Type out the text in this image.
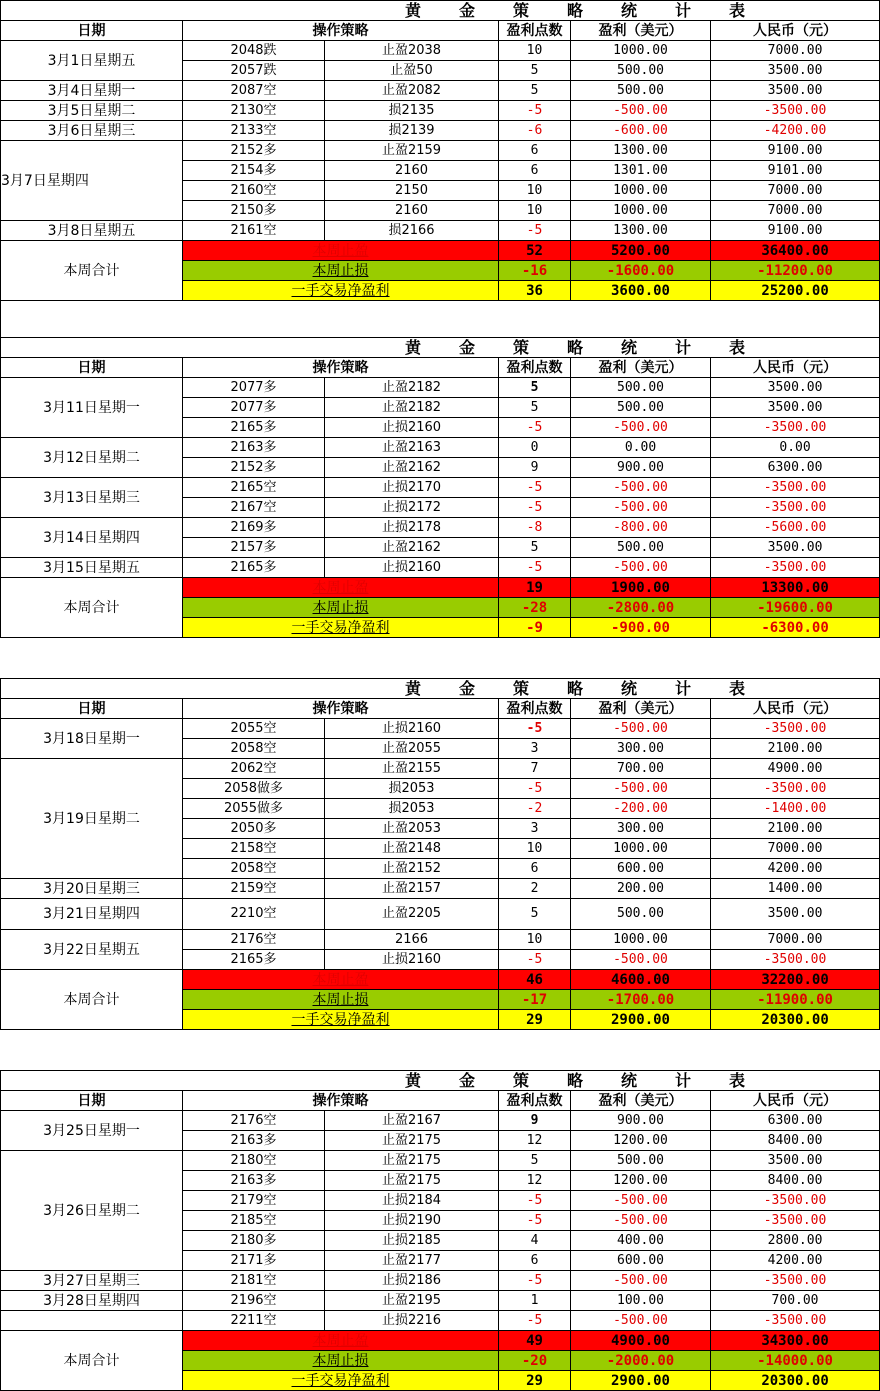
黄 金 策 略 统 计 表					
日期	操作策略		盈利点数	盈利（美元）	人民币（元）
3月1日星期五	2048跌	止盈2038	10	1000.00	7000.00
	2057跌	止盈50	5	500.00	3500.00
3月4日星期一	2087空	止盈2082	5	500.00	3500.00
3月5日星期二	2130空	损2135	-5	-500.00	-3500.00
3月6日星期三	2133空	损2139	-6	-600.00	-4200.00
3月7日星期四	2152多	止盈2159	6	1300.00	9100.00
	2154多	2160	6	1301.00	9101.00
	2160空	2150	10	1000.00	7000.00
	2150多	2160	10	1000.00	7000.00
3月8日星期五	2161空	损2166	-5	1300.00	9100.00
本周合计	本周止盈		52	5200.00	36400.00
	本周止损		-16	-1600.00	-11200.00
	一手交易净盈利		36	3600.00	25200.00
黄 金 策 略 统 计 表					
日期	操作策略		盈利点数	盈利（美元）	人民币（元）
3月11日星期一	2077多	止盈2182	5	500.00	3500.00
	2077多	止盈2182	5	500.00	3500.00
	2165多	止损2160	-5	-500.00	-3500.00
3月12日星期二	2163多	止盈2163	0	0.00	0.00
	2152多	止盈2162	9	900.00	6300.00
3月13日星期三	2165空	止损2170	-5	-500.00	-3500.00
	2167空	止损2172	-5	-500.00	-3500.00
3月14日星期四	2169多	止损2178	-8	-800.00	-5600.00
	2157多	止盈2162	5	500.00	3500.00
3月15日星期五	2165多	止损2160	-5	-500.00	-3500.00
本周合计	本周止盈		19	1900.00	13300.00
	本周止损		-28	-2800.00	-19600.00
	一手交易净盈利		-9	-900.00	-6300.00
黄 金 策 略 统 计 表					
日期	操作策略		盈利点数	盈利（美元）	人民币（元）
3月18日星期一	2055空	止损2160	-5	-500.00	-3500.00
	2058空	止盈2055	3	300.00	2100.00
3月19日星期二	2062空	止盈2155	7	700.00	4900.00
	2058做多	损2053	-5	-500.00	-3500.00
	2055做多	损2053	-2	-200.00	-1400.00
	2050多	止盈2053	3	300.00	2100.00
	2158空	止盈2148	10	1000.00	7000.00
	2058空	止盈2152	6	600.00	4200.00
3月20日星期三	2159空	止盈2157	2	200.00	1400.00
3月21日星期四	2210空	止盈2205	5	500.00	3500.00
3月22日星期五	2176空	2166	10	1000.00	7000.00
	2165多	止损2160	-5	-500.00	-3500.00
本周合计	本周止盈		46	4600.00	32200.00
	本周止损		-17	-1700.00	-11900.00
	一手交易净盈利		29	2900.00	20300.00
黄 金 策 略 统 计 表					
日期	操作策略		盈利点数	盈利（美元）	人民币（元）
3月25日星期一	2176空	止盈2167	9	900.00	6300.00
	2163多	止盈2175	12	1200.00	8400.00
3月26日星期二	2180空	止盈2175	5	500.00	3500.00
	2163多	止盈2175	12	1200.00	8400.00
	2179空	止损2184	-5	-500.00	-3500.00
	2185空	止损2190	-5	-500.00	-3500.00
	2180多	止损2185	4	400.00	2800.00
	2171多	止盈2177	6	600.00	4200.00
3月27日星期三	2181空	止损2186	-5	-500.00	-3500.00
3月28日星期四	2196空	止盈2195	1	100.00	700.00
	2211空	止损2216	-5	-500.00	-3500.00
本周合计	本周止盈		49	4900.00	34300.00
	本周止损		-20	-2000.00	-14000.00
	一手交易净盈利		29	2900.00	20300.00
